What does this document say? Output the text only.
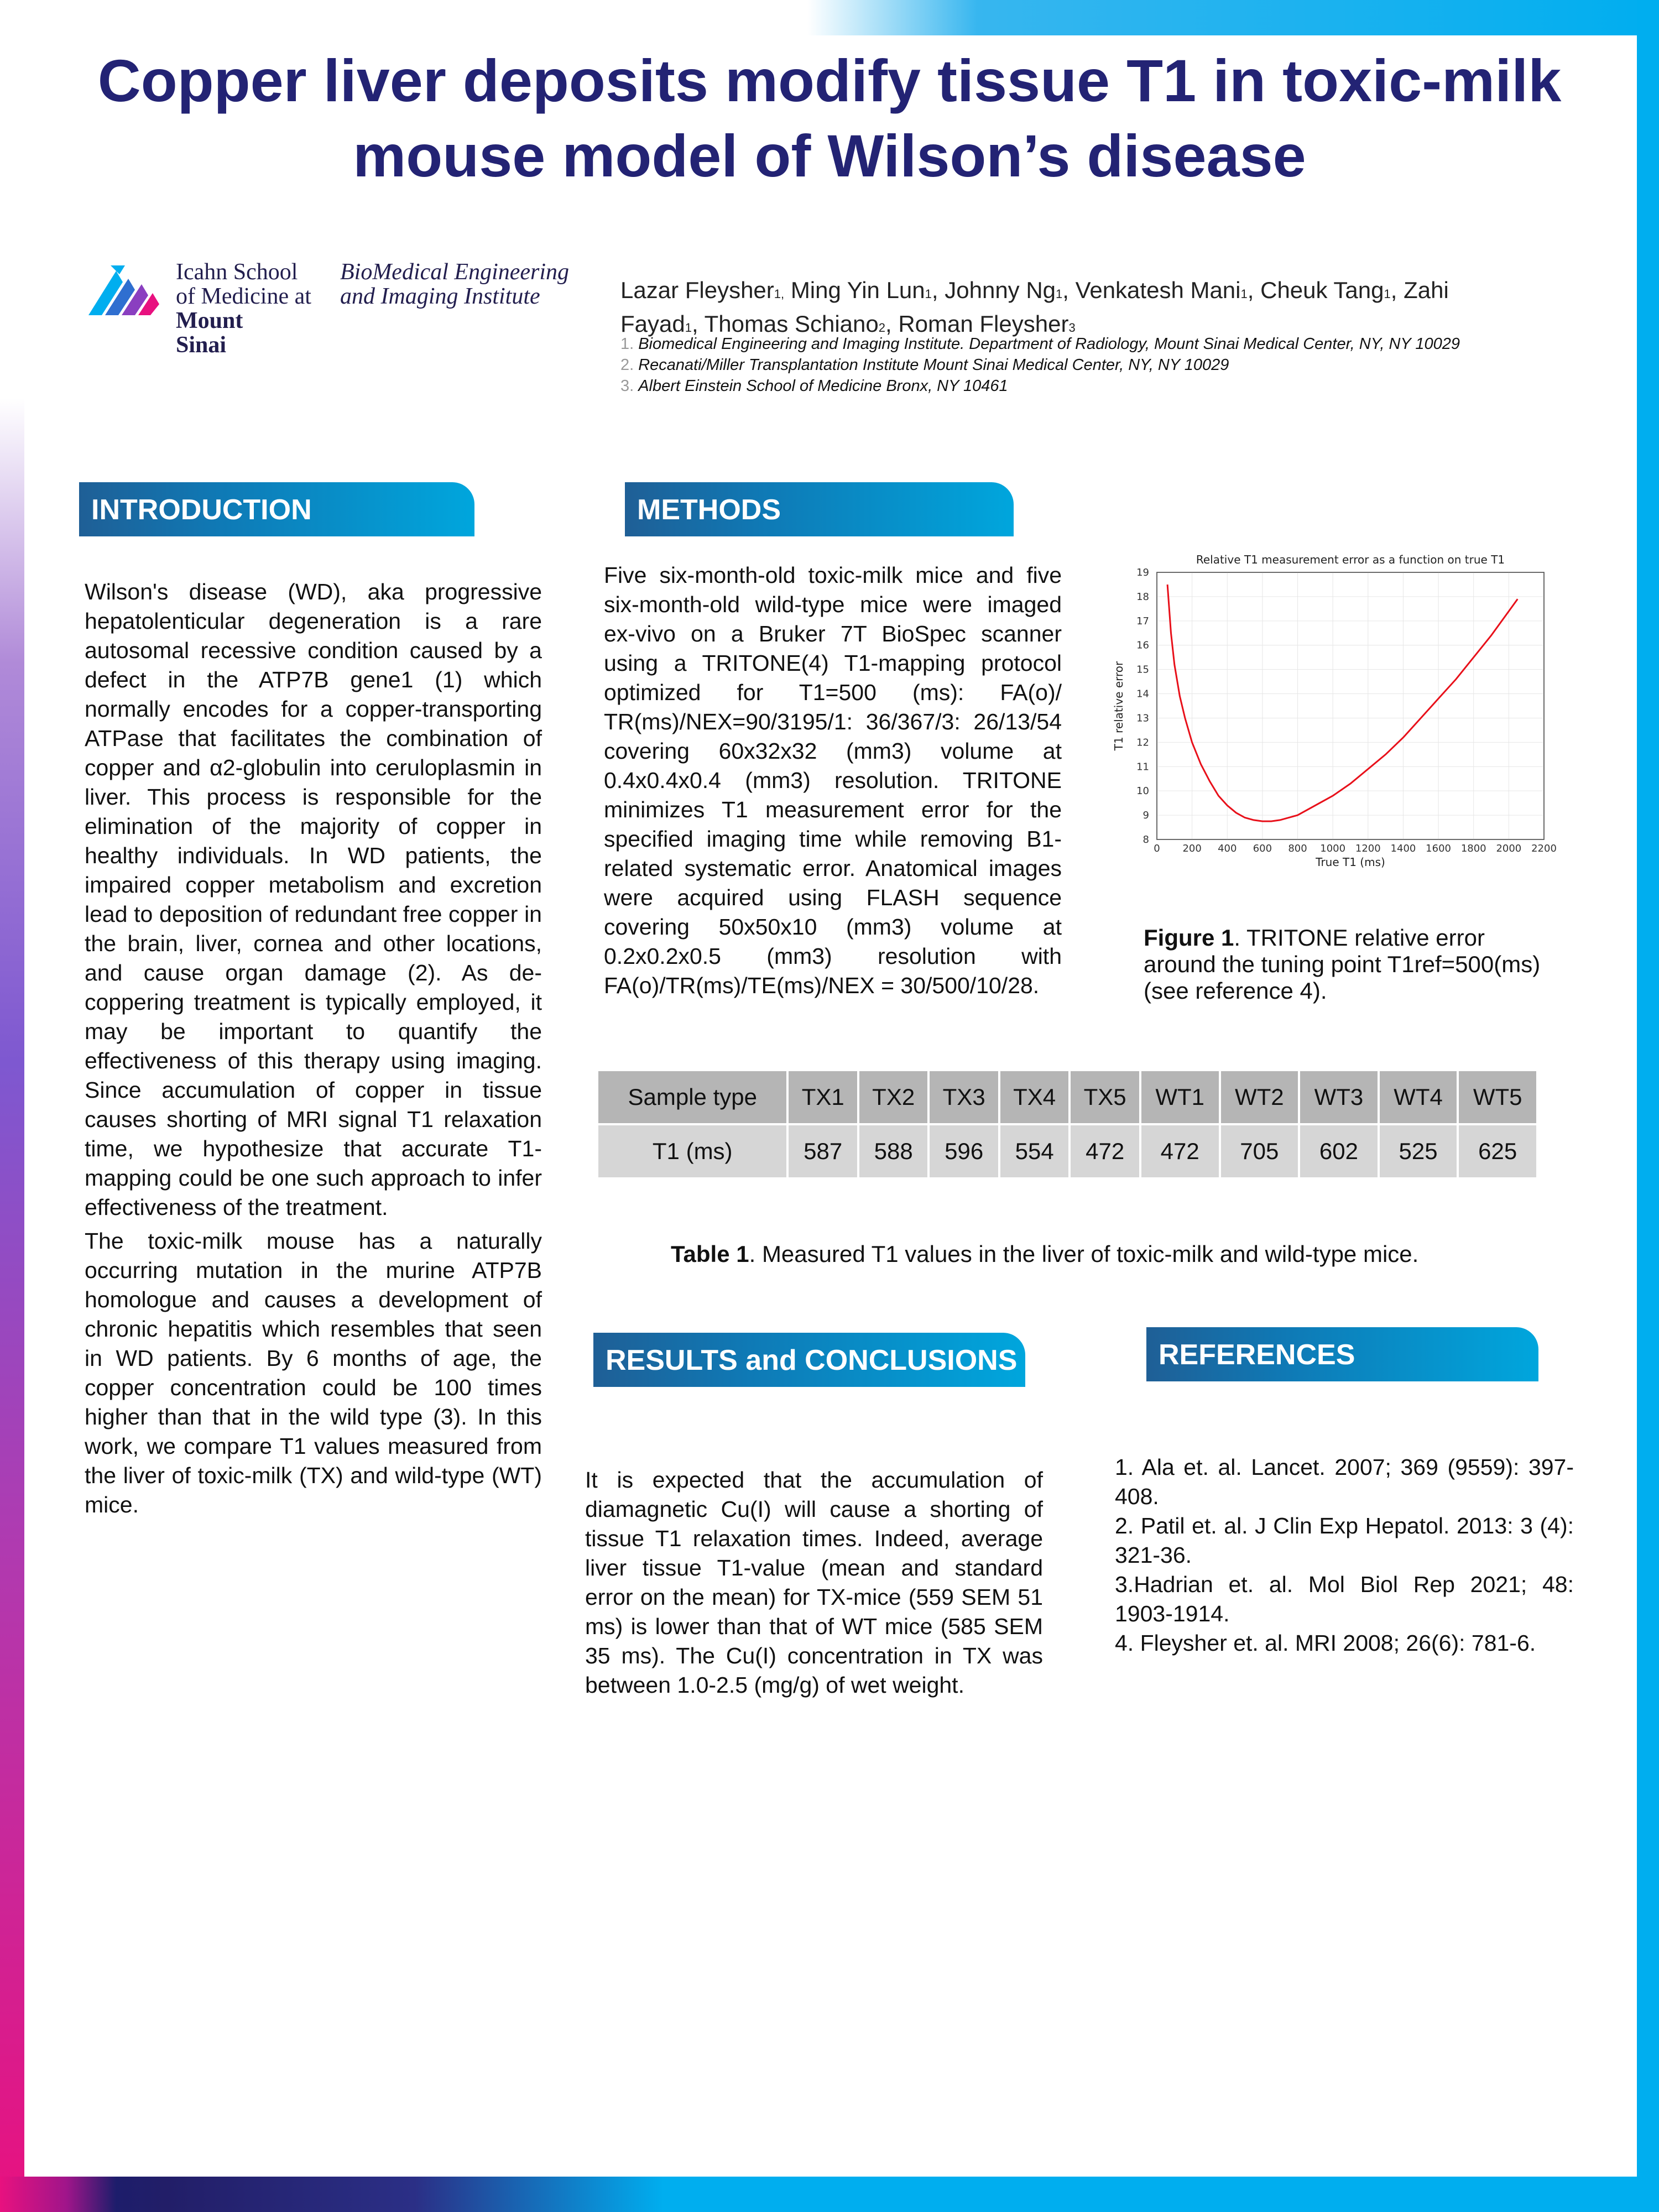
Copper liver deposits modify tissue T1 in toxic-milk mouse model of Wilson’s disease
Icahn School
of Medicine at
Mount
Sinai
BioMedical Engineering
and Imaging Institute	Lazar Fleysher1, Ming Yin Lun1, Johnny Ng1, Venkatesh Mani1, Cheuk Tang1, Zahi Fayad1, Thomas Schiano2, Roman Fleysher3
1. Biomedical Engineering and Imaging Institute. Department of Radiology, Mount Sinai Medical Center, NY, NY 10029
2. Recanati/Miller Transplantation Institute Mount Sinai Medical Center, NY, NY 10029
3. Albert Einstein School of Medicine Bronx, NY 10461
INTRODUCTION	METHODS
RESULTS and CONCLUSIONS	REFERENCES

Wilson's disease (WD), aka progressive hepatolenticular degeneration is a rare autosomal recessive condition caused by a defect in the ATP7B gene1 (1) which normally encodes for a copper-transporting ATPase that facilitates the combination of copper and α2-globulin into ceruloplasmin in liver. This process is responsible for the elimination of the majority of copper in healthy individuals. In WD patients, the impaired copper metabolism and excretion lead to deposition of redundant free copper in the brain, liver, cornea and other locations, and cause organ damage (2). As de-coppering treatment is typically employed, it may be important to quantify the effectiveness of this therapy using imaging. Since accumulation of copper in tissue causes shorting of MRI signal T1 relaxation time, we hypothesize that accurate T1-mapping could be one such approach to infer effectiveness of the treatment.

The toxic-milk mouse has a naturally occurring mutation in the murine ATP7B homologue and causes a development of chronic hepatitis which resembles that seen in WD patients. By 6 months of age, the copper concentration could be 100 times higher than that in the wild type (3). In this work, we compare T1 values measured from the liver of toxic-milk (TX) and wild-type (WT) mice.

Five six-month-old toxic-milk mice and five six-month-old wild-type mice were imaged ex-vivo on a Bruker 7T BioSpec scanner using a TRITONE(4) T1-mapping protocol optimized for T1=500 (ms): FA(o)/ TR(ms)/NEX=90/3195/1: 36/367/3: 26/13/54 covering 60x32x32 (mm3) volume at 0.4x0.4x0.4 (mm3) resolution. TRITONE minimizes T1 measurement error for the specified imaging time while removing B1-related systematic error. Anatomical images were acquired using FLASH sequence covering 50x50x10 (mm3) volume at 0.2x0.2x0.5 (mm3) resolution with FA(o)/TR(ms)/TE(ms)/NEX = 30/500/10/28.

0 200 400 600 800 1000 1200 1400 1600 1800 2000 2200
8
9
10
11
12
13
14
15
16
17
18
19
Relative T1 measurement error as a function on true T1
True T1 (ms)
T1 relative error
Figure 1. TRITONE relative error around the tuning point T1ref=500(ms) (see reference 4).
Sample type	TX1	TX2	TX3	TX4	TX5	WT1	WT2	WT3	WT4	WT5
T1 (ms)	587	588	596	554	472	472	705	602	525	625
Table 1. Measured T1 values in the liver of toxic-milk and wild-type mice.

It is expected that the accumulation of diamagnetic Cu(I) will cause a shorting of tissue T1 relaxation times. Indeed, average liver tissue T1-value (mean and standard error on the mean) for TX-mice (559 SEM 51 ms) is lower than that of WT mice (585 SEM 35 ms). The Cu(I) concentration in TX was between 1.0-2.5 (mg/g) of wet weight.

1. Ala et. al. Lancet. 2007; 369 (9559): 397-408.

2. Patil et. al. J Clin Exp Hepatol. 2013: 3 (4): 321-36.

3.Hadrian et. al. Mol Biol Rep 2021; 48: 1903-1914.

4. Fleysher et. al. MRI 2008; 26(6): 781-6.
